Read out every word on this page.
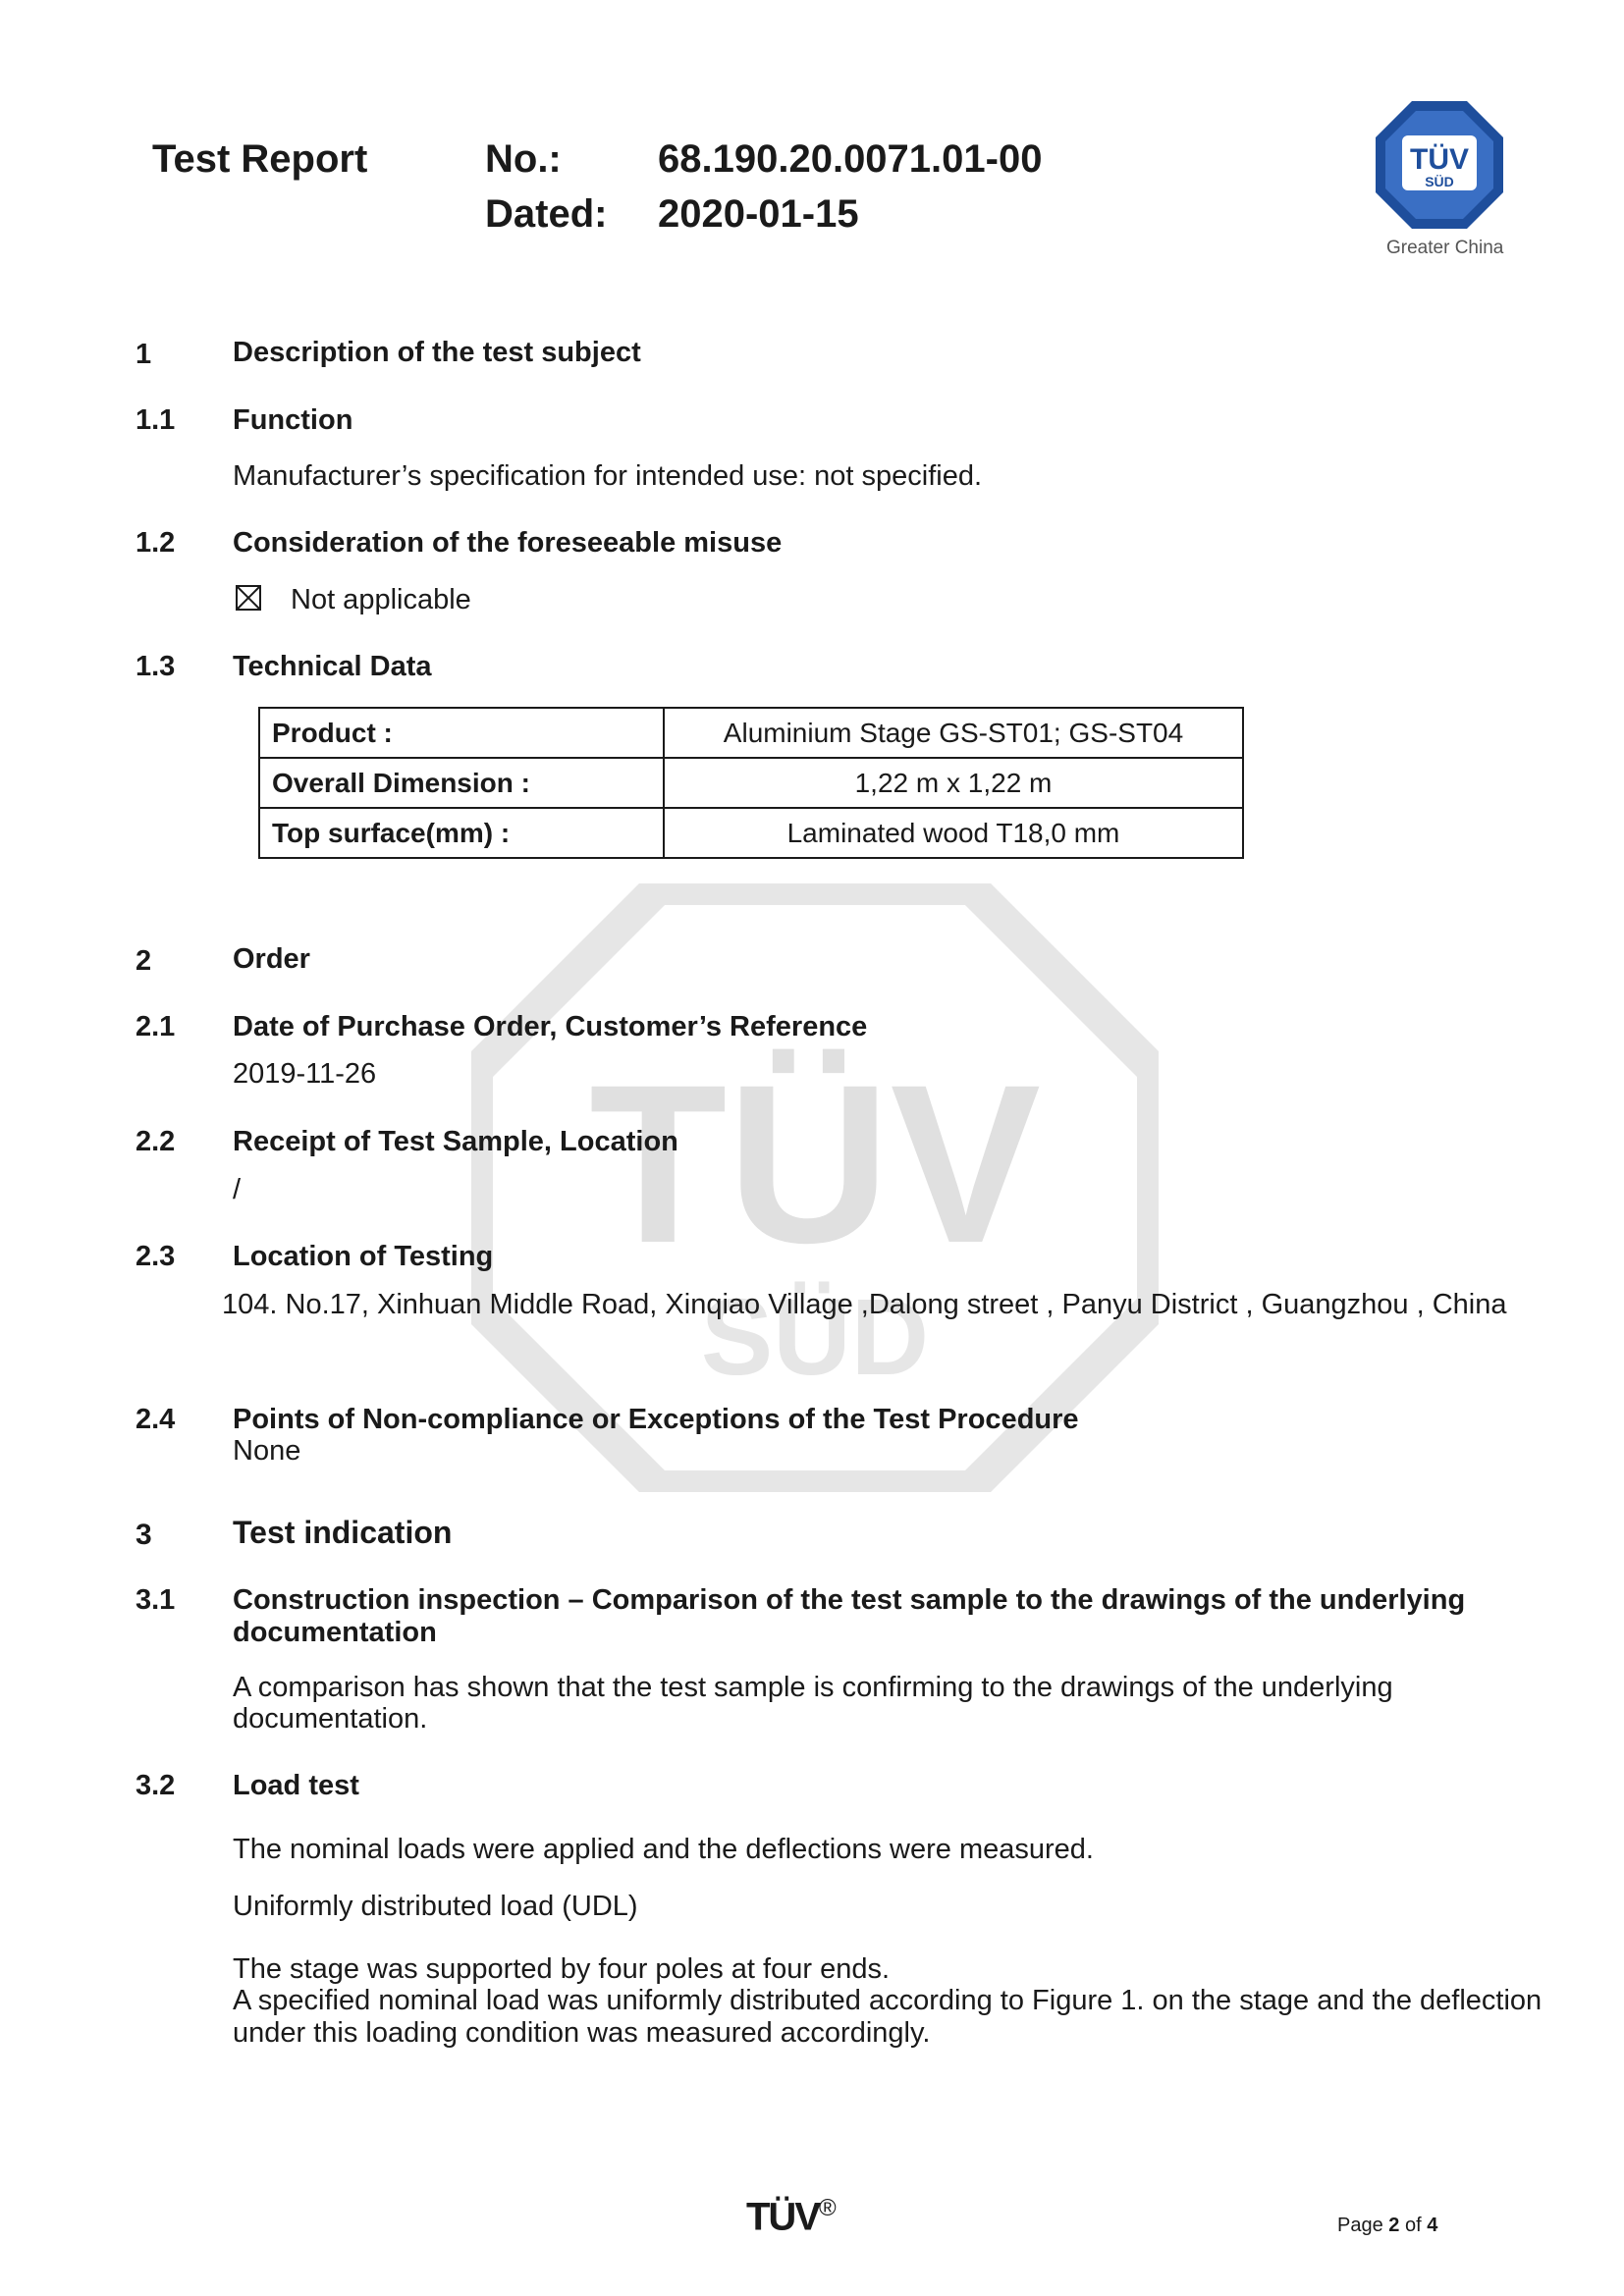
TÜV
SÜD
Test Report	No.: 68.190.20.0071.01-00
Dated: 2020-01-15
TÜV
SÜD
Greater China
1	Description of the test subject
1.1 Function
Manufacturer’s specification for intended use: not specified.
1.2 Consideration of the foreseeable misuse
Not applicable
1.3 Technical Data
Product :	Aluminium Stage GS-ST01; GS-ST04
Overall Dimension :	1,22 m x 1,22 m
Top surface(mm) :	Laminated wood T18,0 mm
2	Order
2.1 Date of Purchase Order, Customer’s Reference
2019-11-26
2.2 Receipt of Test Sample, Location
/
2.3 Location of Testing
104. No.17, Xinhuan Middle Road, Xinqiao Village ,Dalong street , Panyu District , Guangzhou , China
2.4 Points of Non-compliance or Exceptions of the Test Procedure
None
3	Test indication
3.1 Construction inspection – Comparison of the test sample to the drawings of the underlying
documentation
A comparison has shown that the test sample is confirming to the drawings of the underlying
documentation.
3.2 Load test
The nominal loads were applied and the deflections were measured.
Uniformly distributed load (UDL)
The stage was supported by four poles at four ends.
A specified nominal load was uniformly distributed according to Figure 1. on the stage and the deflection
under this loading condition was measured accordingly.
TÜV®
Page 2 of 4
